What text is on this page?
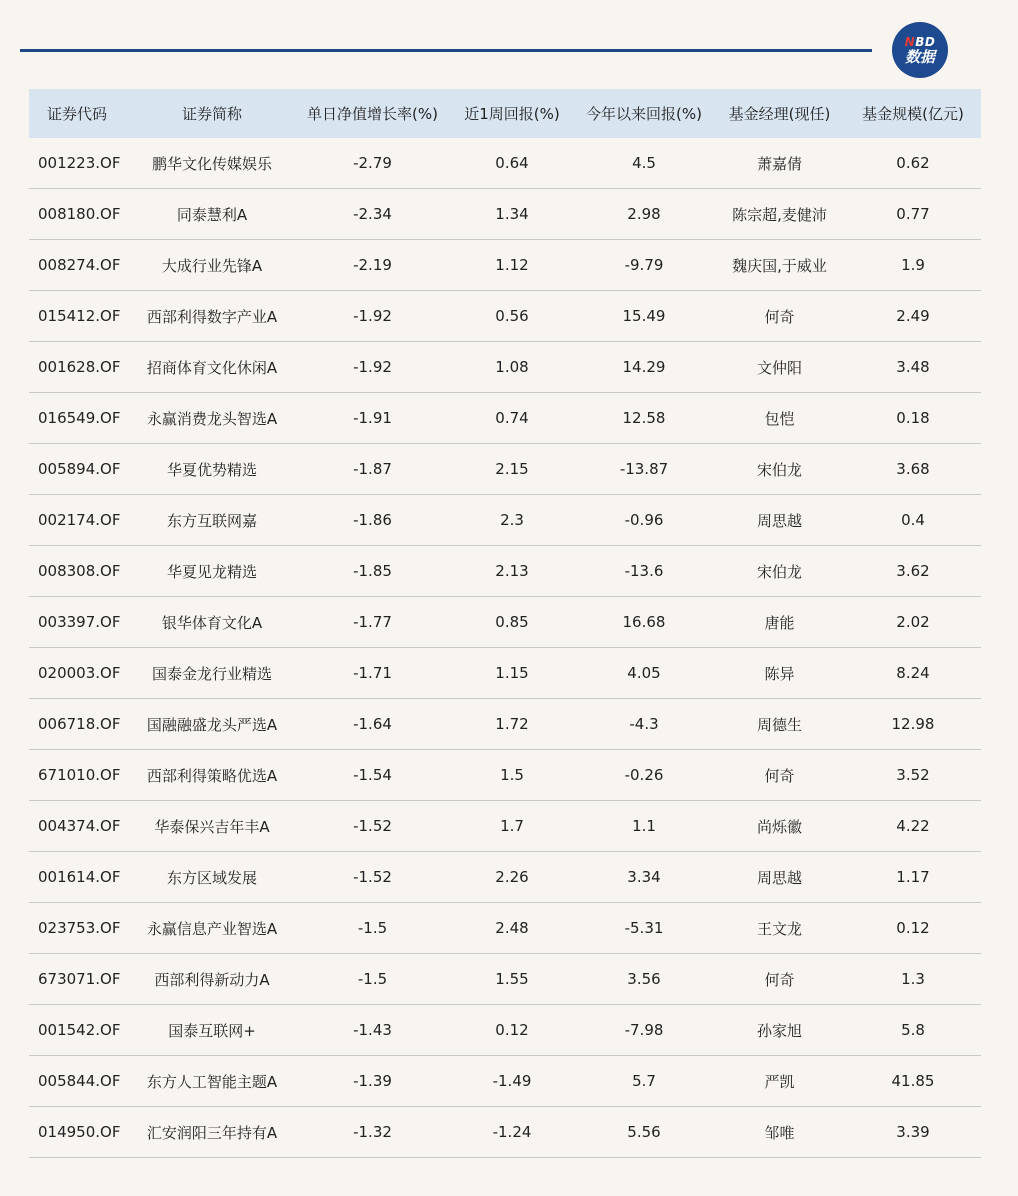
NBD
数据
证券代码	证券简称	单日净值增长率(%)	近1周回报(%)	今年以来回报(%)	基金经理(现任)	基金规模(亿元)
001223.OF	鹏华文化传媒娱乐	-2.79	0.64	4.5	萧嘉倩	0.62
008180.OF	同泰慧利A	-2.34	1.34	2.98	陈宗超,麦健沛	0.77
008274.OF	大成行业先锋A	-2.19	1.12	-9.79	魏庆国,于威业	1.9
015412.OF	西部利得数字产业A	-1.92	0.56	15.49	何奇	2.49
001628.OF	招商体育文化休闲A	-1.92	1.08	14.29	文仲阳	3.48
016549.OF	永赢消费龙头智选A	-1.91	0.74	12.58	包恺	0.18
005894.OF	华夏优势精选	-1.87	2.15	-13.87	宋伯龙	3.68
002174.OF	东方互联网嘉	-1.86	2.3	-0.96	周思越	0.4
008308.OF	华夏见龙精选	-1.85	2.13	-13.6	宋伯龙	3.62
003397.OF	银华体育文化A	-1.77	0.85	16.68	唐能	2.02
020003.OF	国泰金龙行业精选	-1.71	1.15	4.05	陈异	8.24
006718.OF	国融融盛龙头严选A	-1.64	1.72	-4.3	周德生	12.98
671010.OF	西部利得策略优选A	-1.54	1.5	-0.26	何奇	3.52
004374.OF	华泰保兴吉年丰A	-1.52	1.7	1.1	尚烁徽	4.22
001614.OF	东方区域发展	-1.52	2.26	3.34	周思越	1.17
023753.OF	永赢信息产业智选A	-1.5	2.48	-5.31	王文龙	0.12
673071.OF	西部利得新动力A	-1.5	1.55	3.56	何奇	1.3
001542.OF	国泰互联网+	-1.43	0.12	-7.98	孙家旭	5.8
005844.OF	东方人工智能主题A	-1.39	-1.49	5.7	严凯	41.85
014950.OF	汇安润阳三年持有A	-1.32	-1.24	5.56	邹唯	3.39
